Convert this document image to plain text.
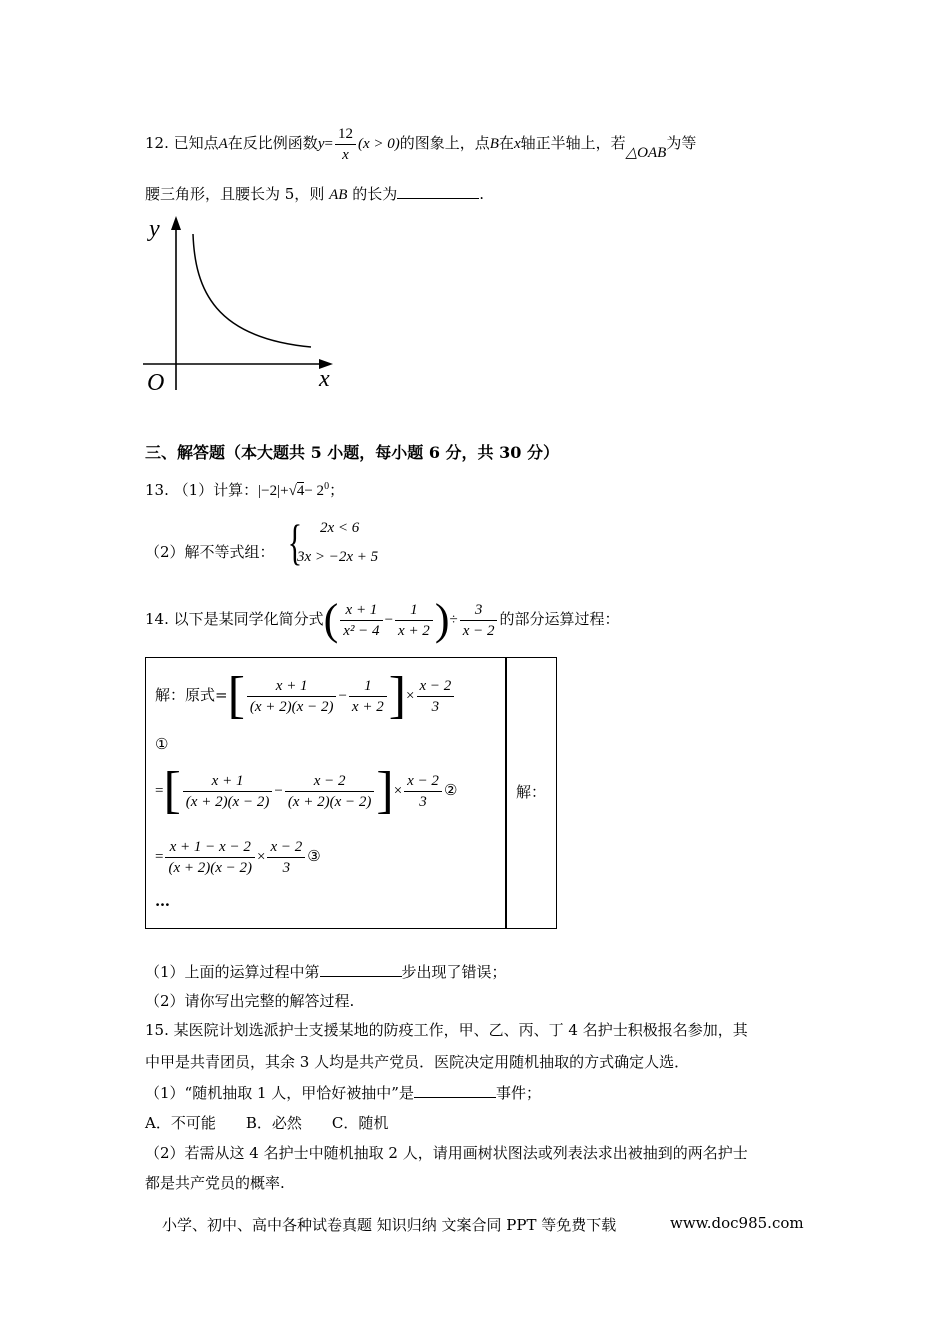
12. 已知点A在反比例函数$y= \frac{12}{x} (x > 0)$的图象上，点B在x轴正半轴上，若△OAB为等
腰三角形，且腰长为 5，则 AB 的长为	.
y
x
O
三、解答题（本大题共 5 小题，每小题 6 分，共 30 分）
13. （1）计算：$|-2|+√4- 2^0$；
（2）解不等式组： { 2x < 6
3x > −2x + 5
14. 以下是某同学化简分式( $\frac{x + 1}{\text{x² − 4}} - \frac{1}{x + 2}$ )÷ $\frac{3}{x - 2}$ 的部分运算过程：
解：
解：原式=[ $\frac{x + 1}{(x + 2)(x - 2)} - \frac{1}{x + 2}$ ]× $\frac{x - 2}{3}$
①
=[ $\frac{x + 1}{(x + 2)(x - 2)} - \frac{x - 2}{(x + 2)(x - 2)}$ ]× $\frac{x - 2}{3}$ ②
= $\frac{x + 1 - x - 2}{(x + 2)(x - 2)} \times \frac{x - 2}{3}$ ③
…
（1）上面的运算过程中第	步出现了错误；
（2）请你写出完整的解答过程.
15. 某医院计划选派护士支援某地的防疫工作，甲、乙、丙、丁 4 名护士积极报名参加，其
中甲是共青团员，其余 3 人均是共产党员．医院决定用随机抽取的方式确定人选．
（1）“随机抽取 1 人，甲恰好被抽中”是	事件；
A．不可能　　B．必然　　C．随机
（2）若需从这 4 名护士中随机抽取 2 人，请用画树状图法或列表法求出被抽到的两名护士
都是共产党员的概率.
小学、初中、高中各种试卷真题 知识归纳 文案合同 PPT 等免费下载	www.doc985.com
